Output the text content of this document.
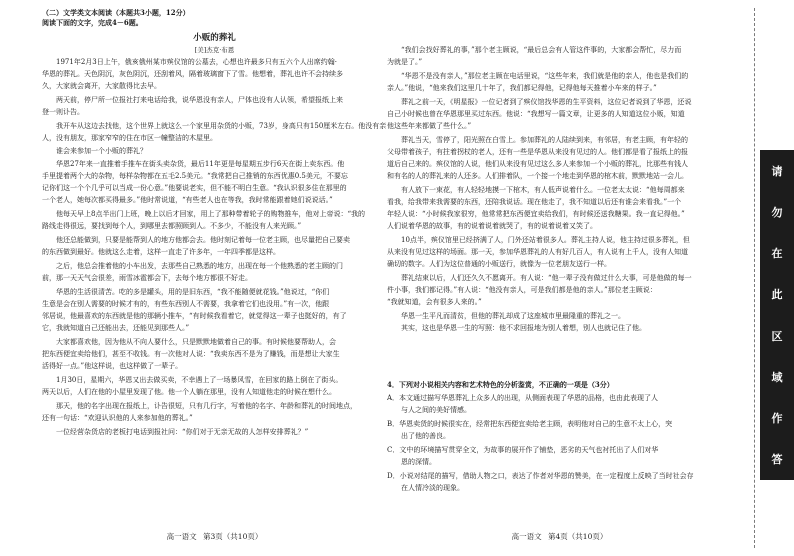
（二）文学类文本阅读（本题共3小题，12分）
阅读下面的文字，完成4－6题。
小贩的葬礼
[美]杰克·布恩
1971年2月3日上午，俄亥俄州某市殡仪馆的公墓去，心想也许最多只有五六个人出席约翰·
华恩的葬礼。天色阴沉，灰色阴沉，还刮着风，隔着玻璃窗下了雪。他想着，葬礼也许不会持续多
久，大家就会离开，大家散得比去早。
两天前，停尸所一位报社打来电话给我，说华恩没有亲人，尸体也没有人认领，希望报纸上来
登一则讣告。
我开车从这边去找他，这个世界上就这么一个家里用杂货的小贩，73岁，身高只有150厘米左右。他没有亲
人，没有朋友，那家窄窄的住在市区一幢整洁的木屋里。
谁会来参加一个小贩的葬礼？
华恩27年来一直推着手推车在街头卖杂货，最后11年更是每星期五步行6天在街上卖东西。他
手里提着两个大的杂物，每样杂物都在五毛2.5美元。“我常把自己推销的东西优惠0.5美元，不要忘
记你们这一个个几乎可以当成一份心意。”他要说老实，但不能不明白生意。“我认识很多住在那里的
一个老人，她每次都买得最多。”他时常说道，“有些老人也在等我，我时常能跟着她们说说话。”
他每天早上8点半出门上班，晚上以后才回家，用上了那种带着轮子的购物推车，他对上帝说：“我的
路线走得很远，要找到每个人，到哪里去都照顾到人。不多少，不能没有人来光顾。”
他还总能做到，只要是能帮到人的地方他都会去。他时刻记着每一位老主顾，也尽量把自己要卖
的东西做到最好。他就这么走着，这样一直走了许多年，一年四季都是这样。
之后，他总会推着他的小车出发，去那些自己熟悉的地方，出现在每一个他熟悉的老主顾的门
前，那一天天气会很差，雨雪冰雹都会下，去每个地方都很不好走。
华恩的生活很清苦。吃的多是罐头，用的是旧东西，“我不能随便就花钱。”他说过，“你们
生意是会在别人需要的时候才有的，有些东西别人不需要，我拿着它们也没用。”有一次，他跟
邻居说，他最喜欢的东西就是他的那辆小推车，“有时候我看着它，就觉得这一辈子也挺好的，有了
它，我就知道自己还能出去，还能见到那些人。”
大家都喜欢他，因为他从不向人要什么，只是默默地做着自己的事。有时候他要帮助人，会
把东西便宜卖给他们，甚至不收钱。有一次他对人说：“我卖东西不是为了赚钱，而是想让大家生
活得好一点。”他这样说，也这样做了一辈子。
1月30日，星期六，华恩又出去做买卖，不幸遇上了一场暴风雪，在回家的路上倒在了街头。
两天以后，人们在他的小屋里发现了他。他一个人躺在那里，没有人知道他走的时候在想什么。
那天，他的名字出现在报纸上，讣告很短，只有几行字，写着他的名字、年龄和葬礼的时间地点，
还有一句话：“欢迎认识他的人来参加他的葬礼。”
一位经营杂货店的老板打电话到报社问：“你们对于无亲无故的人怎样安排葬礼？”
高一语文 第3页（共10页）
“我们会找好葬礼的事，”那个老主顾说，“最后总会有人管这件事的，大家都会帮忙，尽力而
为就是了。”
“华恩不是没有亲人，”那位老主顾在电话里说，“这些年来，我们就是他的亲人，他也是我们的
亲人。”他说，“他来我们这里几十年了，我们都记得他，记得他每天推着小车来的样子。”
葬礼之前一天，《明星报》一位记者到了殡仪馆找华恩的生平资料，这位记者说到了华恩，还说
自己小时候也曾在华恩那里买过东西。他说：“我想写一篇文章，让更多的人知道这位小贩，知道
他这些年来都做了些什么。”
葬礼当天，雪停了，阳光照在白雪上。参加葬礼的人陆续到来，有邻居，有老主顾，有年轻的
父母带着孩子，有拄着拐杖的老人，还有一些是华恩从来没有见过的人。他们都是看了报纸上的报
道后自己来的。殡仪馆的人说，他们从来没有见过这么多人来参加一个小贩的葬礼，比那些有钱人
和有名的人的葬礼来的人还多。人们排着队，一个接一个地走到华恩的棺木前，默默地站一会儿。
有人放下一束花，有人轻轻地摸一下棺木，有人低声说着什么。一位老太太说：“他每周都来
看我，给我带来我需要的东西，还陪我说话。现在他走了，我不知道以后还有谁会来看我。”一个
年轻人说：“小时候我家很穷，他常常把东西便宜卖给我们，有时候还送我糖果。我一直记得他。”
人们说着华恩的故事，有的说着说着就哭了，有的说着说着又笑了。
10点半，殡仪馆里已经挤满了人，门外还站着很多人。葬礼主持人说，他主持过很多葬礼，但
从来没有见过这样的场面。那一天，参加华恩葬礼的人有好几百人，有人说有上千人，没有人知道
确切的数字。人们为这位普通的小贩送行，就像为一位老朋友送行一样。
葬礼结束以后，人们还久久不愿离开。有人说：“他一辈子没有做过什么大事，可是他做的每一
件小事，我们都记得。”有人说：“他没有亲人，可是我们都是他的亲人。”那位老主顾说：
“我就知道，会有很多人来的。”
华恩一生平凡而清贫，但他的葬礼却成了这座城市里最隆重的葬礼之一。
其实，这也是华恩一生的写照：他不求回报地为别人着想，别人也就记住了他。
4．下列对小说相关内容和艺术特色的分析鉴赏，不正确的一项是（3分）
A．本文通过描写华恩葬礼上众多人的出现，从侧面表现了华恩的品格，也由此表现了人
　　与人之间的美好情感。
B．华恩卖货的时候很实在，经常把东西便宜卖给老主顾，表明他对自己的生意不太上心，突
　　出了他的善良。
C．文中的环境描写贯穿全文，为故事的展开作了铺垫，恶劣的天气也衬托出了人们对华
　　恩的深情。
D．小说对结尾的描写，借助人物之口，表达了作者对华恩的赞美，在一定程度上反映了当时社会存
　　在人情冷淡的现象。
高一语文 第4页（共10页）
请
勿
在
此
区
域
作
答
